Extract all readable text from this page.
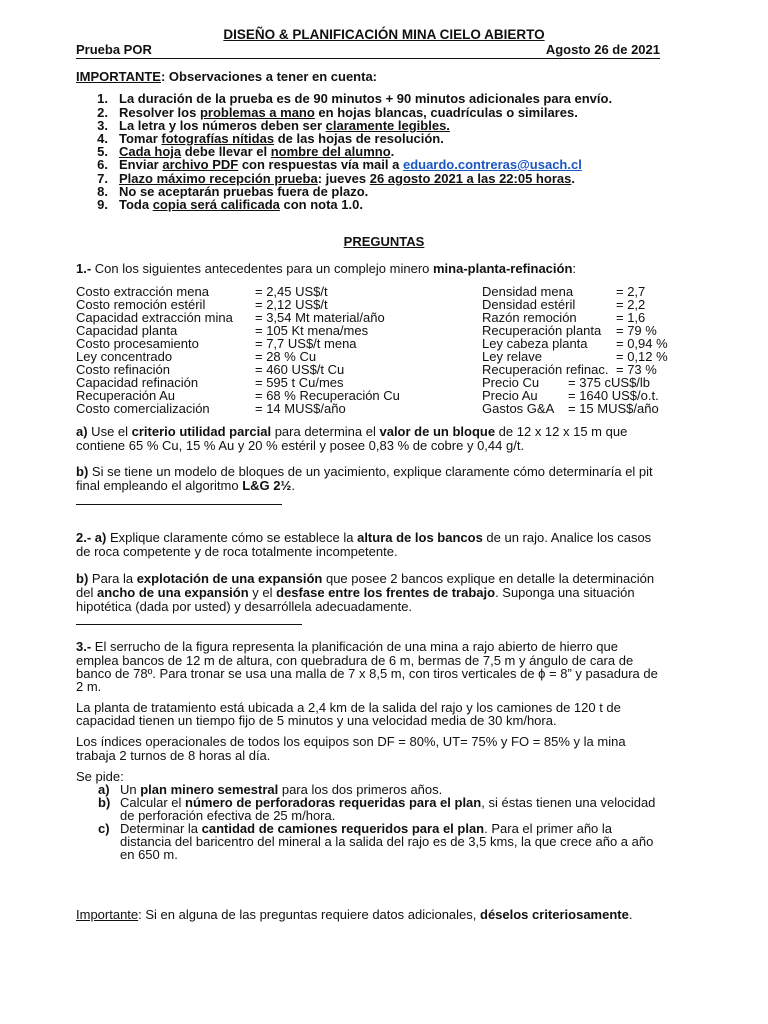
DISEÑO & PLANIFICACIÓN MINA CIELO ABIERTO
Prueba POR	Agosto 26 de 2021
IMPORTANTE: Observaciones a tener en cuenta:
1. La duración de la prueba es de 90 minutos + 90 minutos adicionales para envío.
2. Resolver los problemas a mano en hojas blancas, cuadrículas o similares.
3. La letra y los números deben ser claramente legibles.
4. Tomar fotografías nítidas de las hojas de resolución.
5. Cada hoja debe llevar el nombre del alumno.
6. Enviar archivo PDF con respuestas vía mail a eduardo.contreras@usach.cl
7. Plazo máximo recepción prueba: jueves 26 agosto 2021 a las 22:05 horas.
8. No se aceptarán pruebas fuera de plazo.
9. Toda copia será calificada con nota 1.0.
PREGUNTAS
1.- Con los siguientes antecedentes para un complejo minero mina-planta-refinación:
Costo extracción mena	= 2,45 US$/t
Costo remoción estéril	= 2,12 US$/t
Capacidad extracción mina = 3,54 Mt material/año
Capacidad planta	= 105 Kt mena/mes
Costo procesamiento	= 7,7 US$/t mena
Ley concentrado	= 28 % Cu
Costo refinación	= 460 US$/t Cu
Capacidad refinación	= 595 t Cu/mes
Recuperación Au	= 68 % Recuperación Cu
Costo comercialización	= 14 MUS$/año
Densidad mena	= 2,7
Densidad estéril	= 2,2
Razón remoción	= 1,6
Recuperación planta = 79 %
Ley cabeza planta = 0,94 %
Ley relave	= 0,12 %
Recuperación refinac. = 73 %
Precio Cu = 375 cUS$/lb
Precio Au = 1640 US$/o.t.
Gastos G&A = 15 MUS$/año
a) Use el criterio utilidad parcial para determina el valor de un bloque de 12 x 12 x 15 m que
contiene 65 % Cu, 15 % Au y 20 % estéril y posee 0,83 % de cobre y 0,44 g/t.
b) Si se tiene un modelo de bloques de un yacimiento, explique claramente cómo determinaría el pit
final empleando el algoritmo L&G 2½.
2.- a) Explique claramente cómo se establece la altura de los bancos de un rajo. Analice los casos
de roca competente y de roca totalmente incompetente.
b) Para la explotación de una expansión que posee 2 bancos explique en detalle la determinación
del ancho de una expansión y el desfase entre los frentes de trabajo. Suponga una situación
hipotética (dada por usted) y desarróllela adecuadamente.
3.- El serrucho de la figura representa la planificación de una mina a rajo abierto de hierro que
emplea bancos de 12 m de altura, con quebradura de 6 m, bermas de 7,5 m y ángulo de cara de
banco de 78º. Para tronar se usa una malla de 7 x 8,5 m, con tiros verticales de ϕ = 8” y pasadura de
2 m.
La planta de tratamiento está ubicada a 2,4 km de la salida del rajo y los camiones de 120 t de
capacidad tienen un tiempo fijo de 5 minutos y una velocidad media de 30 km/hora.
Los índices operacionales de todos los equipos son DF = 80%, UT= 75% y FO = 85% y la mina
trabaja 2 turnos de 8 horas al día.
Se pide:
a) Un plan minero semestral para los dos primeros años.
b) Calcular el número de perforadoras requeridas para el plan, si éstas tienen una velocidad
de perforación efectiva de 25 m/hora.
c) Determinar la cantidad de camiones requeridos para el plan. Para el primer año la
distancia del baricentro del mineral a la salida del rajo es de 3,5 kms, la que crece año a año
en 650 m.
Importante: Si en alguna de las preguntas requiere datos adicionales, déselos criteriosamente.
